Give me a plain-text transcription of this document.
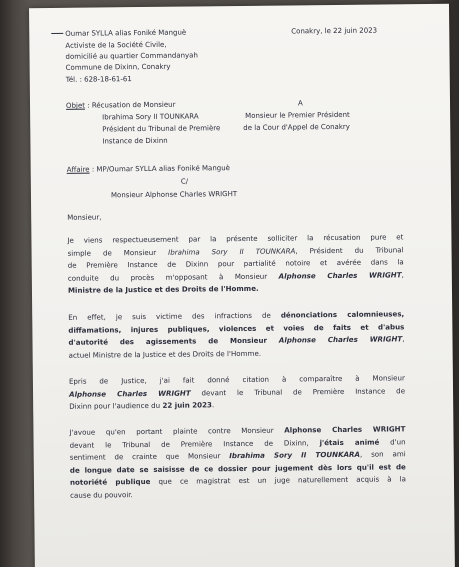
Oumar SYLLA alias Foniké Manguè
Activiste de la Société Civile,
domicilié au quartier Commandanyah
Commune de Dixinn, Conakry
Tél. : 628-18-61-61
Conakry, le 22 juin 2023
Objet : Récusation de Monsieur	A
Ibrahima Sory II TOUNKARA	Monsieur le Premier Président
Président du Tribunal de Première	de la Cour d'Appel de Conakry
Instance de Dixinn
Affaire : MP/Oumar SYLLA alias Foniké Manguè
C/
Monsieur Alphonse Charles WRIGHT
Monsieur,
Je viens respectueusement par la présente solliciter la récusation pure et
simple de Monsieur Ibrahima Sory II TOUNKARA, Président du Tribunal
de Première Instance de Dixinn pour partialité notoire et avérée dans la
conduite du procès m'opposant à Monsieur Alphonse Charles WRIGHT,
Ministre de la Justice et des Droits de l'Homme.
En effet, je suis victime des infractions de dénonciations calomnieuses,
diffamations, injures publiques, violences et voies de faits et d'abus
d'autorité des agissements de Monsieur Alphonse Charles WRIGHT,
actuel Ministre de la Justice et des Droits de l'Homme.
Epris de Justice, j'ai fait donné citation à comparaître à Monsieur
Alphonse Charles WRIGHT devant le Tribunal de Première Instance de
Dixinn pour l'audience du 22 juin 2023.
J'avoue qu'en portant plainte contre Monsieur Alphonse Charles WRIGHT
devant le Tribunal de Première Instance de Dixinn, j'étais animé d'un
sentiment de crainte que Monsieur Ibrahima Sory II TOUNKARA, son ami
de longue date se saisisse de ce dossier pour jugement dès lors qu'il est de
notoriété publique que ce magistrat est un juge naturellement acquis à la
cause du pouvoir.
